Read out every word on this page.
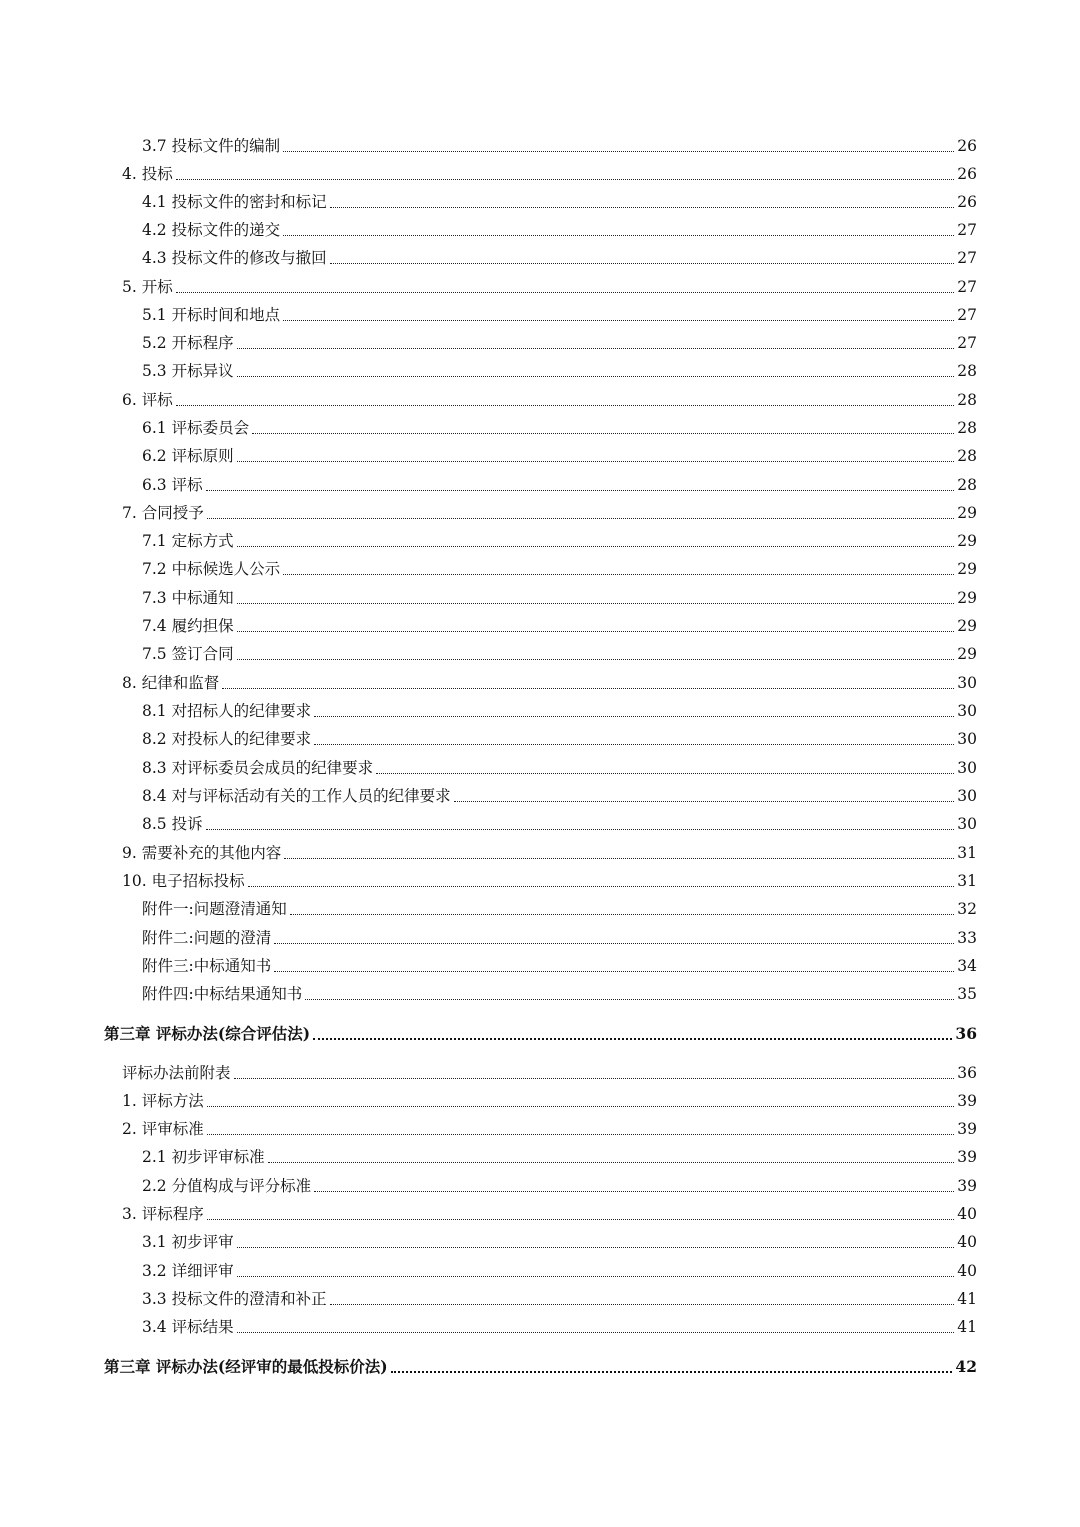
3.7 投标文件的编制	26
4. 投标	26
4.1 投标文件的密封和标记	26
4.2 投标文件的递交	27
4.3 投标文件的修改与撤回	27
5. 开标	27
5.1 开标时间和地点	27
5.2 开标程序	27
5.3 开标异议	28
6. 评标	28
6.1 评标委员会	28
6.2 评标原则	28
6.3 评标	28
7. 合同授予	29
7.1 定标方式	29
7.2 中标候选人公示	29
7.3 中标通知	29
7.4 履约担保	29
7.5 签订合同	29
8. 纪律和监督	30
8.1 对招标人的纪律要求	30
8.2 对投标人的纪律要求	30
8.3 对评标委员会成员的纪律要求	30
8.4 对与评标活动有关的工作人员的纪律要求	30
8.5 投诉	30
9. 需要补充的其他内容	31
10. 电子招标投标	31
附件一:问题澄清通知	32
附件二:问题的澄清	33
附件三:中标通知书	34
附件四:中标结果通知书	35
第三章 评标办法(综合评估法)	36
评标办法前附表	36
1. 评标方法	39
2. 评审标准	39
2.1 初步评审标准	39
2.2 分值构成与评分标准	39
3. 评标程序	40
3.1 初步评审	40
3.2 详细评审	40
3.3 投标文件的澄清和补正	41
3.4 评标结果	41
第三章 评标办法(经评审的最低投标价法)	42
